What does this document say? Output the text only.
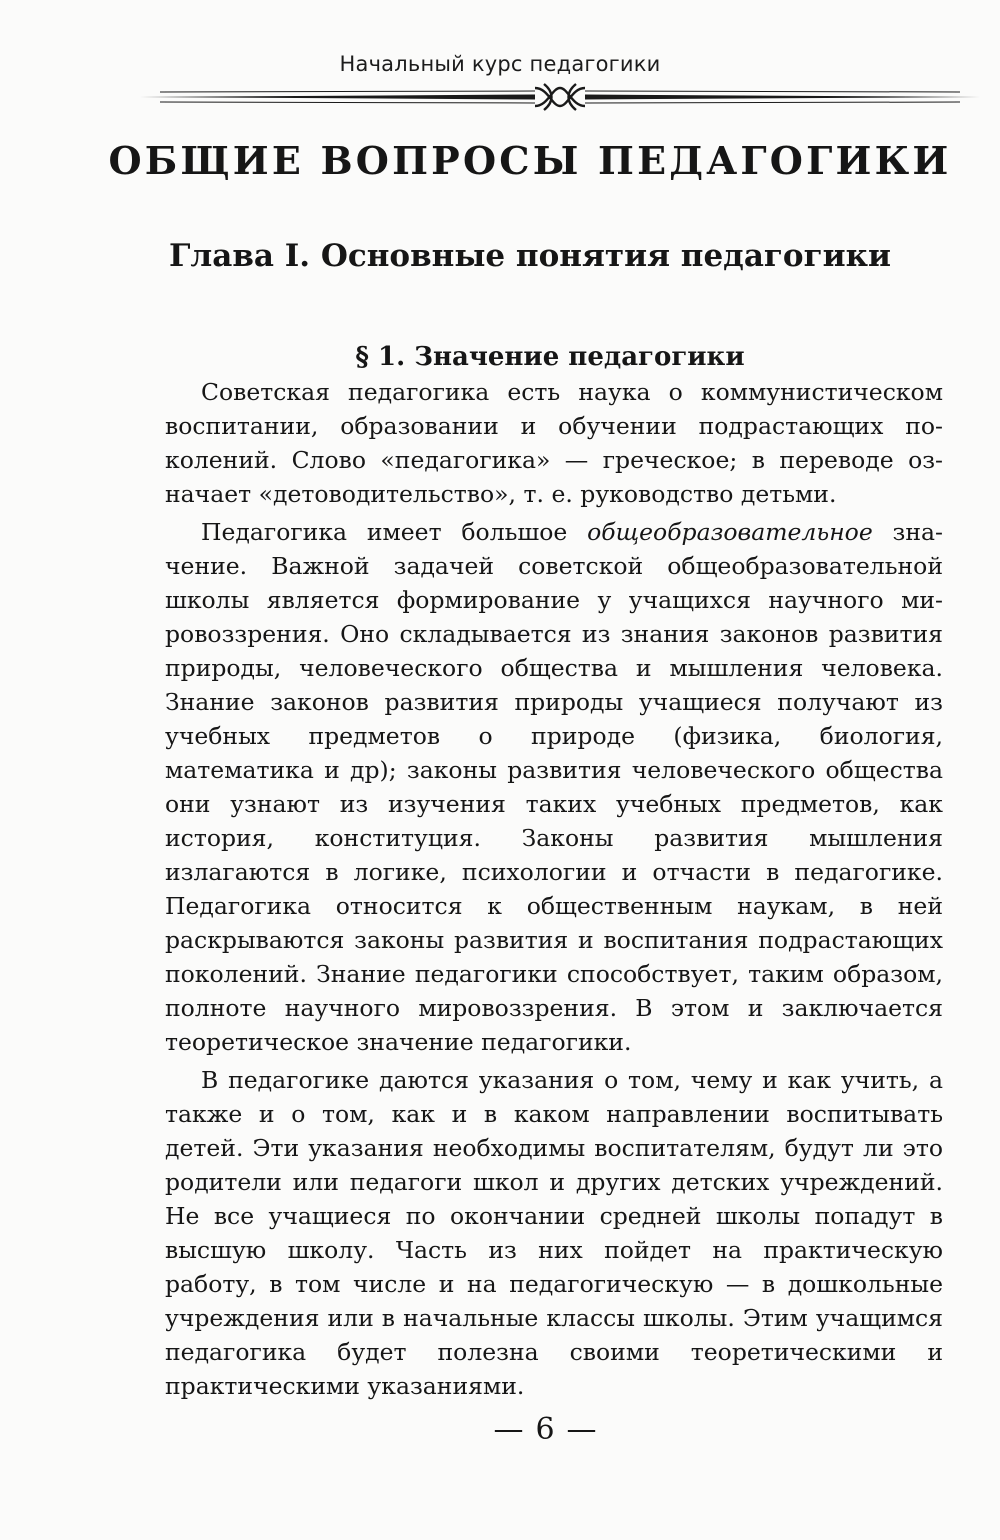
Начальный курс педагогики
ОБЩИЕ ВОПРОСЫ ПЕДАГОГИКИ
Глава I. Основные понятия педагогики
§ 1. Значение педагогики

Советская педагогика есть наука о коммунистическом воспитании, образовании и обучении подрастающих поколений. Слово «педагогика» — греческое; в переводе означает «детоводительство», т. е. руководство детьми.

Педагогика имеет большое общеобразовательное значение. Важной задачей советской общеобразовательной школы является формирование у учащихся научного мировоззрения. Оно складывается из знания законов развития природы, человеческого общества и мышления человека. Знание законов развития природы учащиеся получают из учебных предметов о природе (физика, биология, математика и др); законы развития человеческого общества они узнают из изучения таких учебных предметов, как история, конституция. Законы развития мышления излагаются в логике, психологии и отчасти в педагогике. Педагогика относится к общественным наукам, в ней раскрываются законы развития и воспитания подрастающих поколений. Знание педагогики способствует, таким образом, полноте научного мировоззрения. В этом и заключается теоретическое значение педагогики.

В педагогике даются указания о том, чему и как учить, а также и о том, как и в каком направлении воспитывать детей. Эти указания необходимы воспитателям, будут ли это родители или педагоги школ и других детских учреждений. Не все учащиеся по окончании средней школы попадут в высшую школу. Часть из них пойдет на практическую работу, в том числе и на педагогическую — в дошкольные учреждения или в начальные классы школы. Этим учащимся педагогика будет полезна своими теоретическими и практическими указаниями.

— 6 —
